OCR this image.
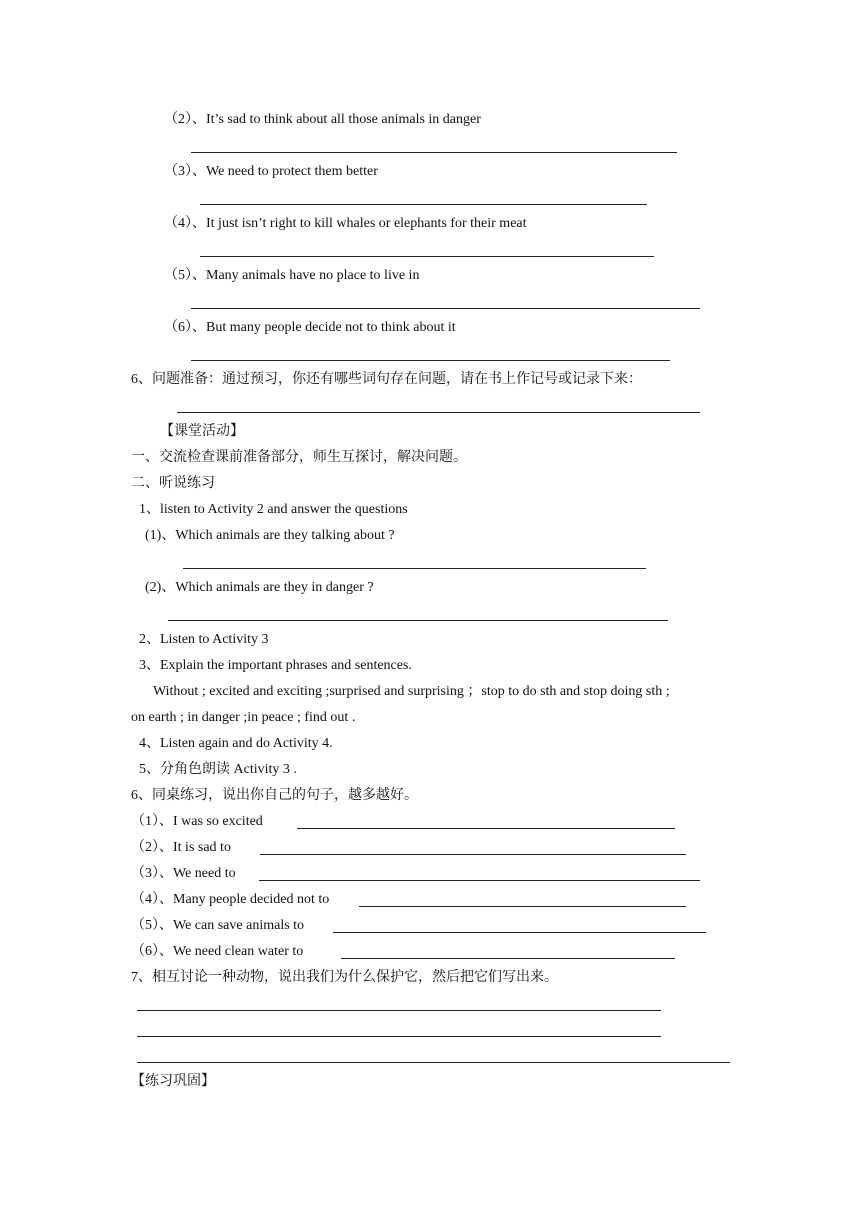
（2）、It’s sad to think about all those animals in danger
（3）、We need to protect them better
（4）、It just isn’t right to kill whales or elephants for their meat
（5）、Many animals have no place to live in
（6）、But many people decide not to think about it
6、问题准备：通过预习，你还有哪些词句存在问题，请在书上作记号或记录下来：
【课堂活动】
一、交流检查课前准备部分，师生互探讨，解决问题。
二、听说练习
1、listen to Activity 2 and answer the questions
(1)、Which animals are they talking about ?
(2)、Which animals are they in danger ?
2、Listen to Activity 3
3、Explain the important phrases and sentences.
Without ; excited and exciting ;surprised and surprising ；stop to do sth and stop doing sth ;
on earth ; in danger ;in peace ; find out .
4、Listen again and do Activity 4.
5、分角色朗读 Activity 3 .
6、同桌练习，说出你自己的句子，越多越好。
（1）、I was so excited
（2）、It is sad to
（3）、We need to
（4）、Many people decided not to
（5）、We can save animals to
（6）、We need clean water to
7、相互讨论一种动物，说出我们为什么保护它，然后把它们写出来。
【练习巩固】
